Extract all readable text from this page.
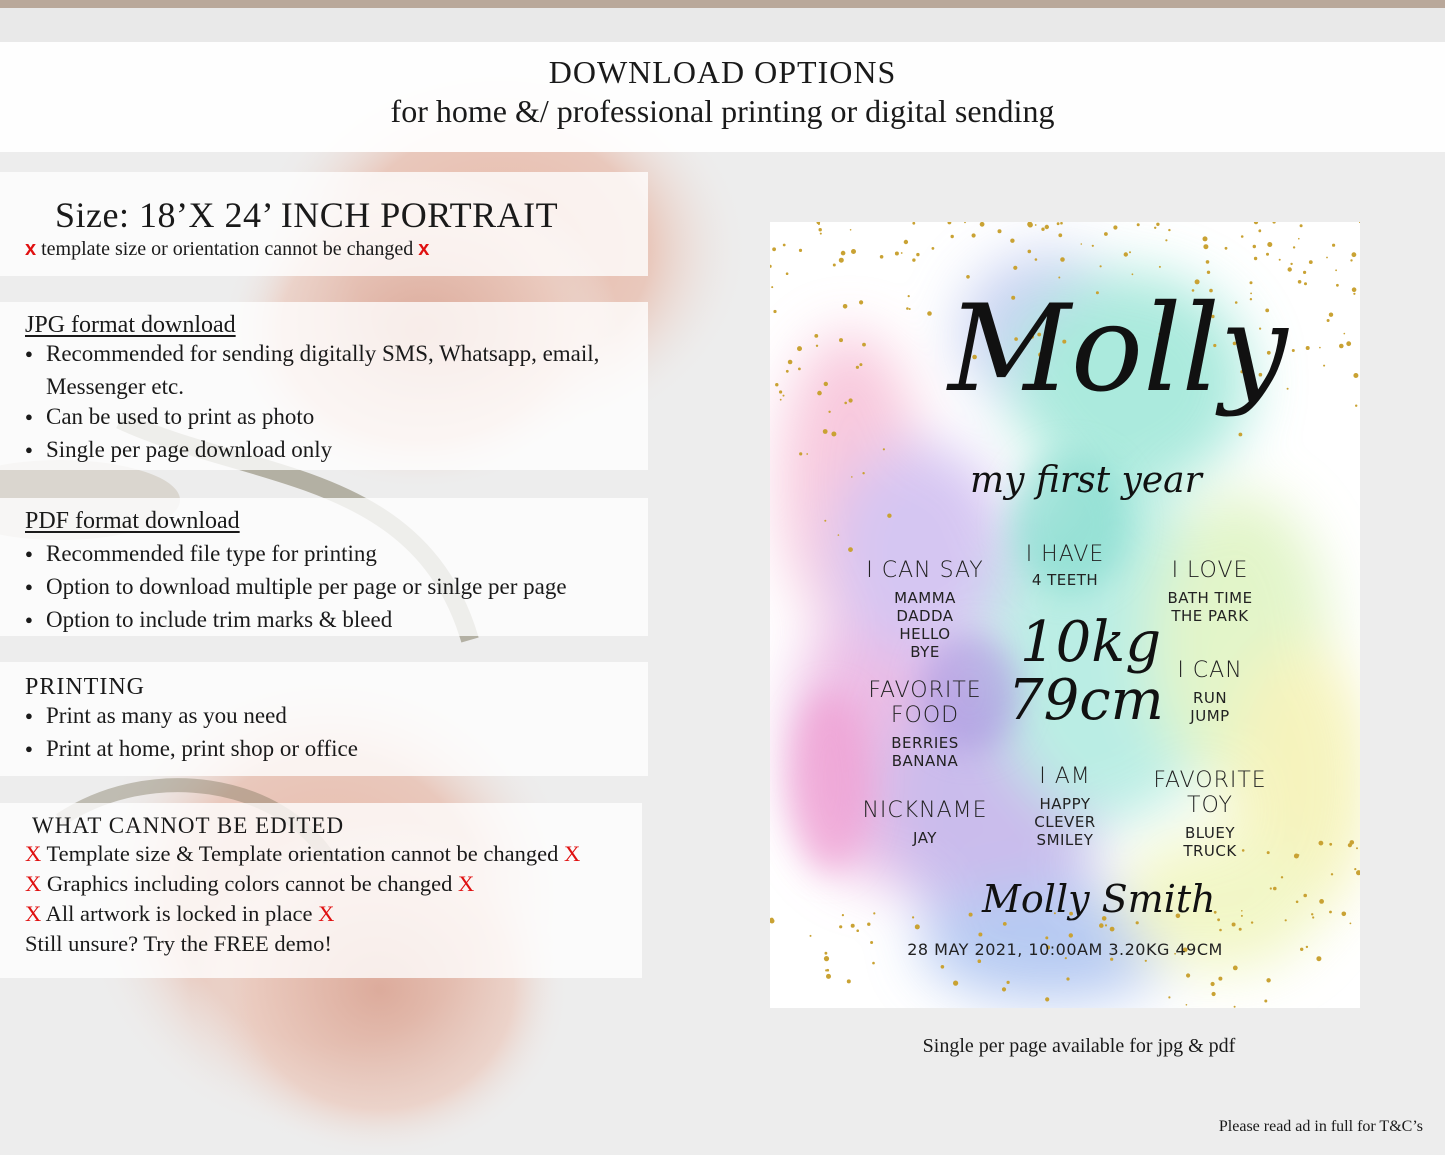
DOWNLOAD OPTIONS
for home &/ professional printing or digital sending
Size: 18’X 24’ INCH PORTRAIT
x template size or orientation cannot be changed x
JPG format download
● Recommended for sending digitally SMS, Whatsapp, email, Messenger etc.
● Can be used to print as photo
● Single per page download only
PDF format download
● Recommended file type for printing
● Option to download multiple per page or sinlge per page
● Option to include trim marks & bleed
PRINTING
● Print as many as you need
● Print at home, print shop or office
WHAT CANNOT BE EDITED
X Template size & Template orientation cannot be changed X
X Graphics including colors cannot be changed X
X All artwork is locked in place X
Still unsure? Try the FREE demo!
Molly
my first year
I CAN SAY
MAMMA
DADDA
HELLO
BYE
I HAVE
4 TEETH	I LOVE
BATH TIME
THE PARK
10kg
79cm
FAVORITE
FOOD
BERRIES
BANANA
I CAN
RUN
JUMP
I AM
HAPPY
CLEVER
SMILEY
NICKNAME
JAY
FAVORITE
TOY
BLUEY
TRUCK
Molly Smith
28 MAY 2021, 10:00AM 3.20KG 49CM
Single per page available for jpg & pdf
Please read ad in full for T&C’s
